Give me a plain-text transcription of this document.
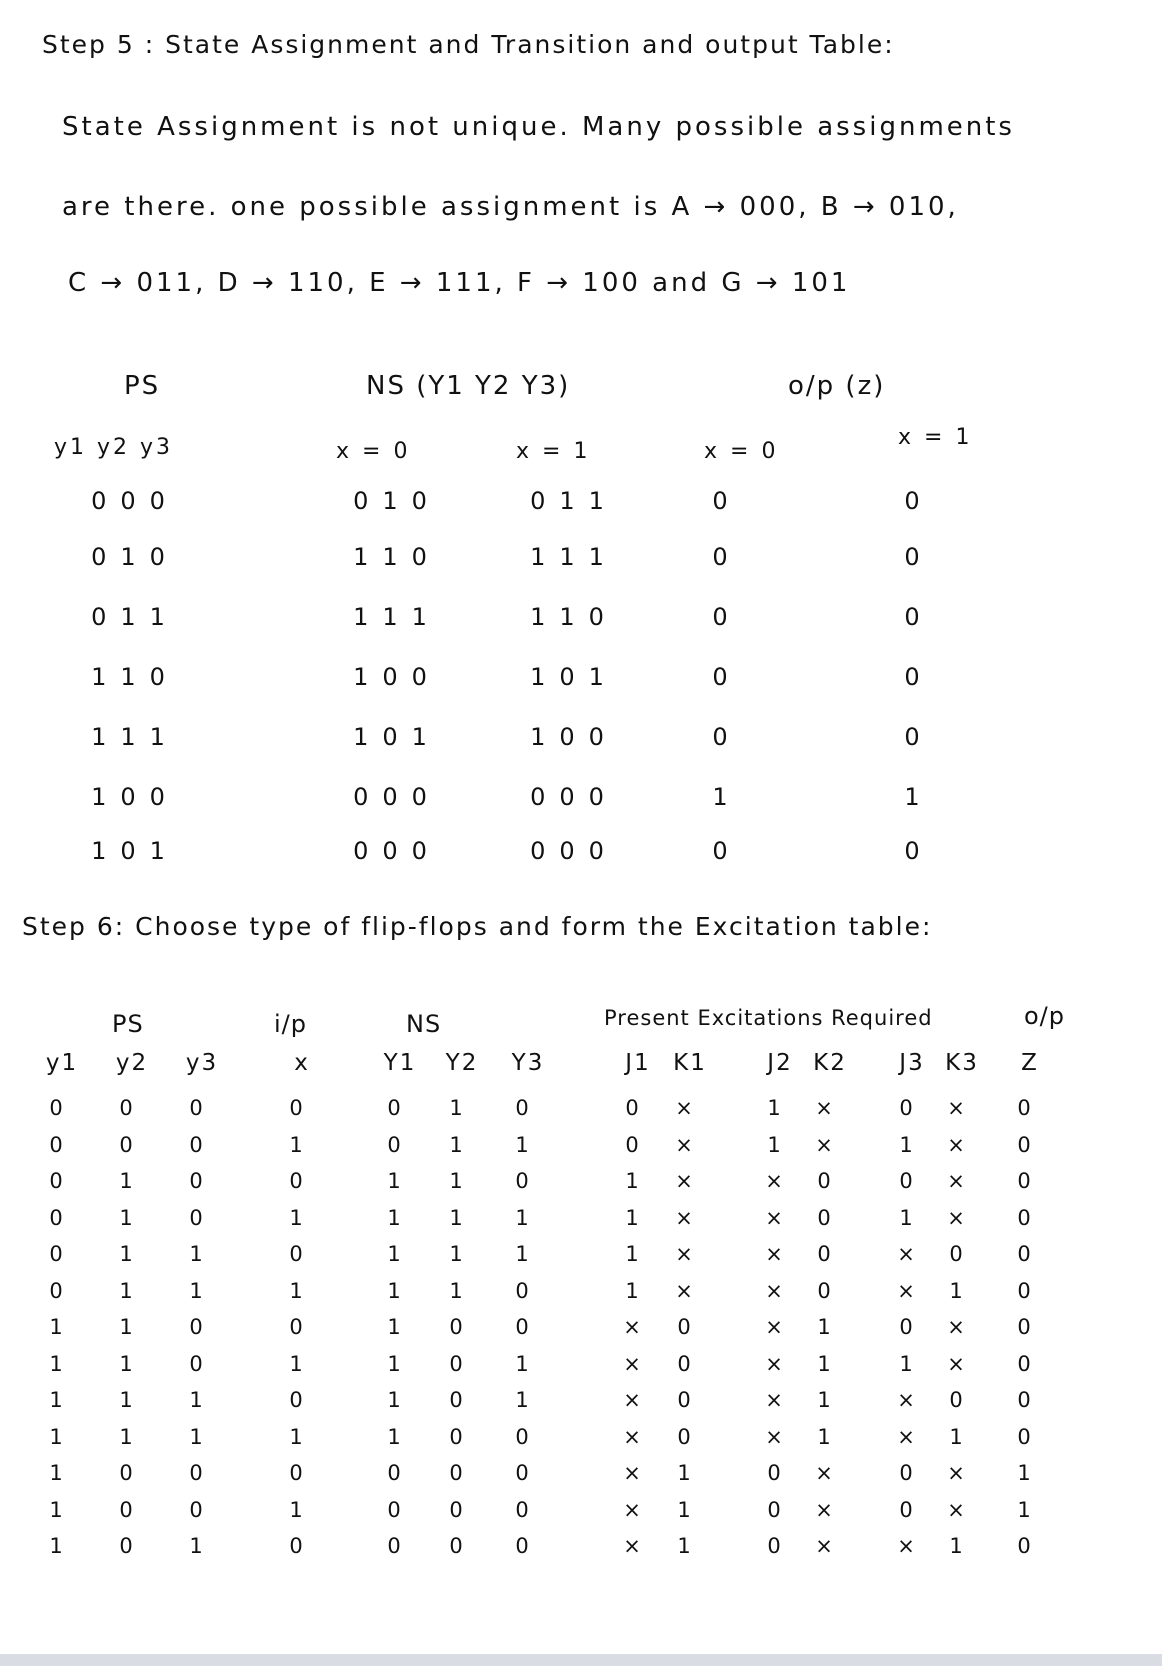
Step 5 : State Assignment and Transition and output Table:
State Assignment is not unique. Many possible assignments
are there. one possible assignment is A → 000, B → 010,
C → 011, D → 110, E → 111, F → 100 and G → 101
PS	NS (Y1 Y2 Y3)	o/p (z)
y1 y2 y3	x = 0	x = 1	x = 0
x = 1
000	010	011	0	0
010	110	111	0	0
011	111	110	0	0
110	100	101	0	0
111	101	100	0	0
100	000	000	1	1
101	000	000	0	0
Step 6: Choose type of flip-flops and form the Excitation table:
PS	i/p	NS	Present Excitations Required	o/p
y1 y2 y3	x	Y1 Y2 Y3	J1 K1	J2 K2	J3 K3	Z
0	0	0	0	0	1	0	0	×	1	×	0	×	0
0	0	0	1	0	1	1	0	×	1	×	1	×	0
0	1	0	0	1	1	0	1	×	×	0	0	×	0
0	1	0	1	1	1	1	1	×	×	0	1	×	0
0	1	1	0	1	1	1	1	×	×	0	×	0	0
0	1	1	1	1	1	0	1	×	×	0	×	1	0
1	1	0	0	1	0	0	×	0	×	1	0	×	0
1	1	0	1	1	0	1	×	0	×	1	1	×	0
1	1	1	0	1	0	1	×	0	×	1	×	0	0
1	1	1	1	1	0	0	×	0	×	1	×	1	0
1	0	0	0	0	0	0	×	1	0	×	0	×	1
1	0	0	1	0	0	0	×	1	0	×	0	×	1
1	0	1	0	0	0	0	×	1	0	×	×	1	0
